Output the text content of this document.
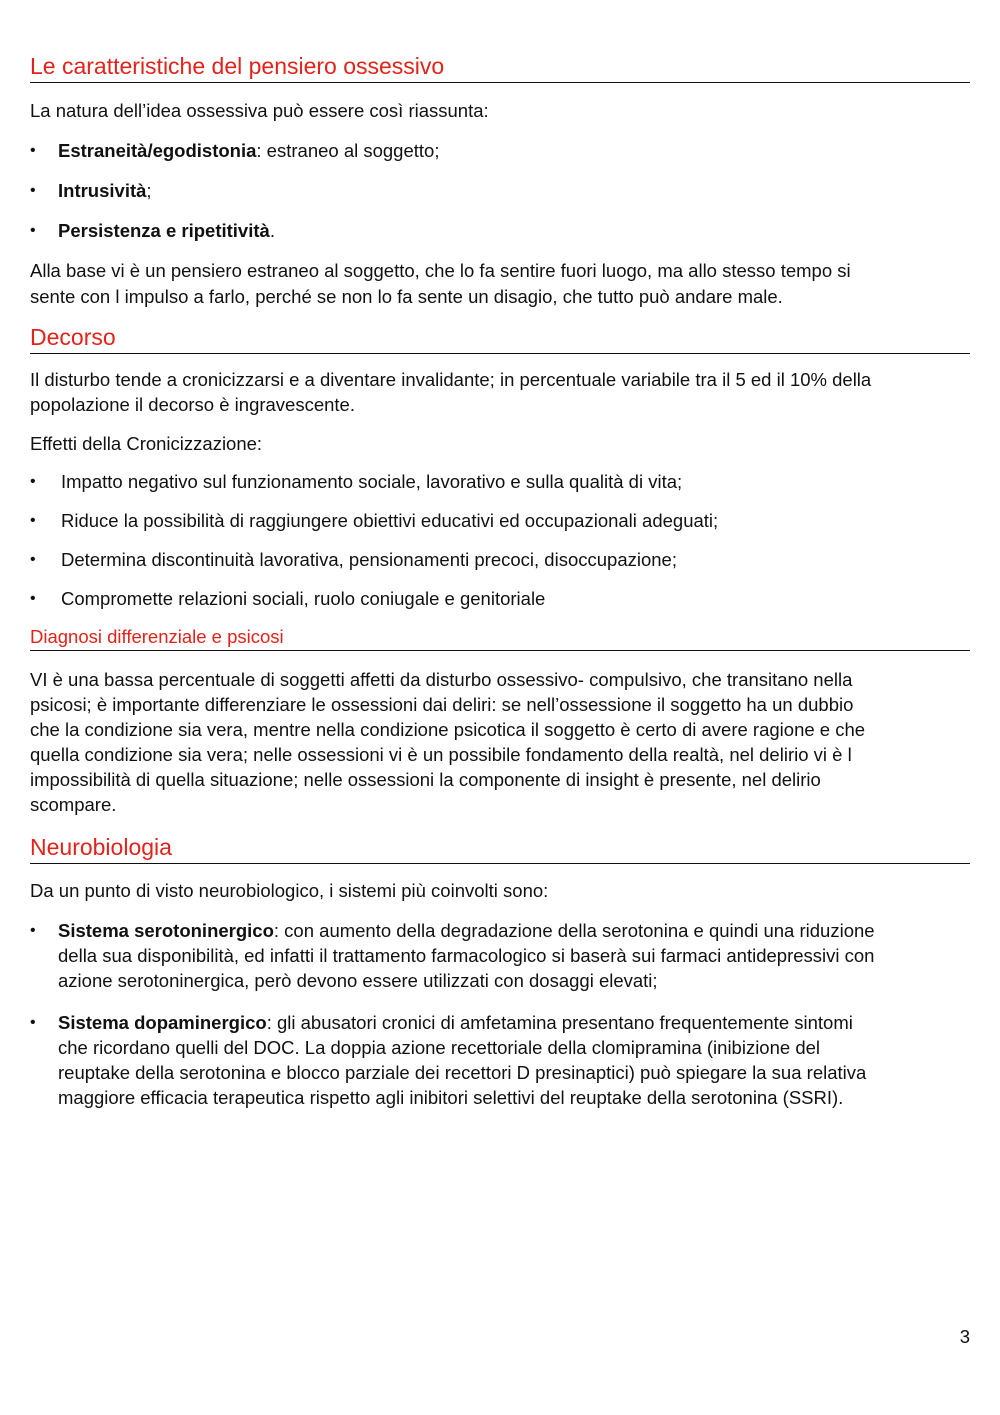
Le caratteristiche del pensiero ossessivo
La natura dell’idea ossessiva può essere così riassunta:
• Estraneità/egodistonia: estraneo al soggetto;
• Intrusività;
• Persistenza e ripetitività.
Alla base vi è un pensiero estraneo al soggetto, che lo fa sentire fuori luogo, ma allo stesso tempo si
sente con l impulso a farlo, perché se non lo fa sente un disagio, che tutto può andare male.
Decorso
Il disturbo tende a cronicizzarsi e a diventare invalidante; in percentuale variabile tra il 5 ed il 10% della
popolazione il decorso è ingravescente.
Effetti della Cronicizzazione:
• Impatto negativo sul funzionamento sociale, lavorativo e sulla qualità di vita;
• Riduce la possibilità di raggiungere obiettivi educativi ed occupazionali adeguati;
• Determina discontinuità lavorativa, pensionamenti precoci, disoccupazione;
• Compromette relazioni sociali, ruolo coniugale e genitoriale
Diagnosi differenziale e psicosi
VI è una bassa percentuale di soggetti affetti da disturbo ossessivo- compulsivo, che transitano nella
psicosi; è importante differenziare le ossessioni dai deliri: se nell’ossessione il soggetto ha un dubbio
che la condizione sia vera, mentre nella condizione psicotica il soggetto è certo di avere ragione e che
quella condizione sia vera; nelle ossessioni vi è un possibile fondamento della realtà, nel delirio vi è l
impossibilità di quella situazione; nelle ossessioni la componente di insight è presente, nel delirio
scompare.
Neurobiologia
Da un punto di visto neurobiologico, i sistemi più coinvolti sono:
• Sistema serotoninergico: con aumento della degradazione della serotonina e quindi una riduzione
della sua disponibilità, ed infatti il trattamento farmacologico si baserà sui farmaci antidepressivi con
azione serotoninergica, però devono essere utilizzati con dosaggi elevati;
• Sistema dopaminergico: gli abusatori cronici di amfetamina presentano frequentemente sintomi
che ricordano quelli del DOC. La doppia azione recettoriale della clomipramina (inibizione del
reuptake della serotonina e blocco parziale dei recettori D presinaptici) può spiegare la sua relativa
maggiore efficacia terapeutica rispetto agli inibitori selettivi del reuptake della serotonina (SSRI).
3
